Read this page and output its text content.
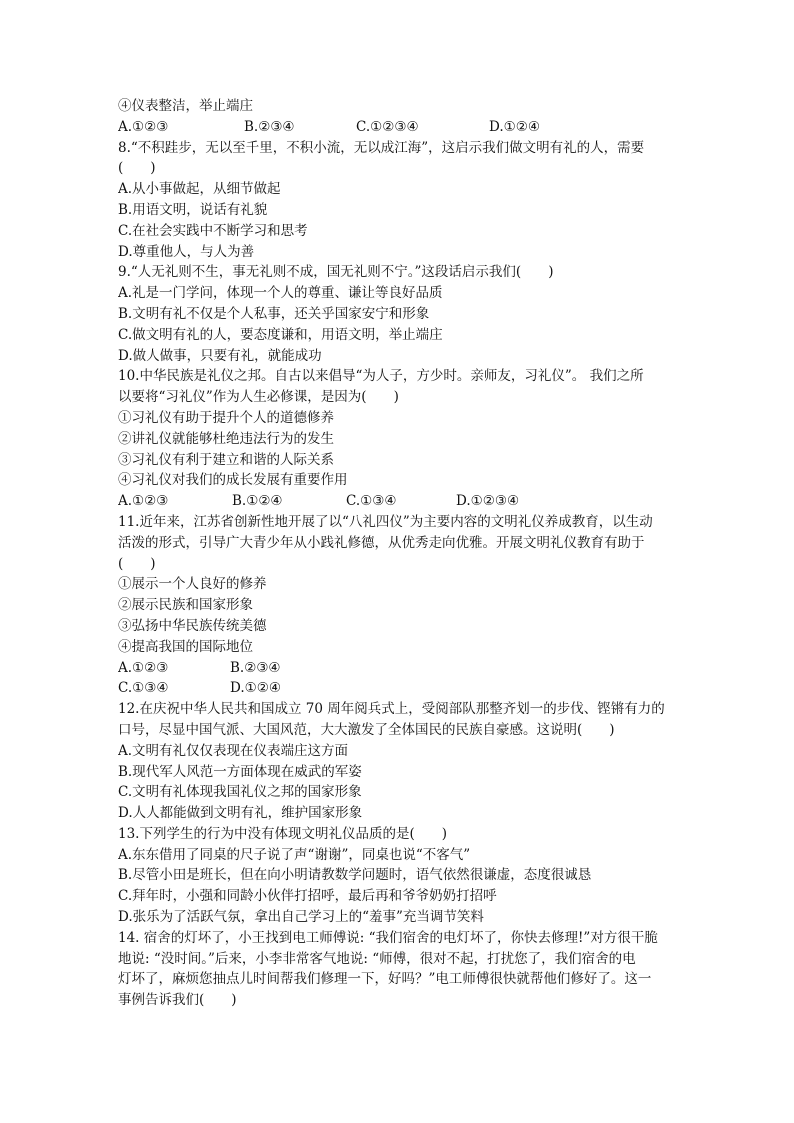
④仪表整洁，举止端庄
A.①②③	B.②③④	C.①②③④	D.①②④
8.“不积跬步，无以至千里，不积小流，无以成江海”，这启示我们做文明有礼的人，需要
(　　)
A.从小事做起，从细节做起
B.用语文明，说话有礼貌
C.在社会实践中不断学习和思考
D.尊重他人，与人为善
9.“人无礼则不生，事无礼则不成，国无礼则不宁。”这段话启示我们(　　)
A.礼是一门学问，体现一个人的尊重、谦让等良好品质
B.文明有礼不仅是个人私事，还关乎国家安宁和形象
C.做文明有礼的人，要态度谦和，用语文明，举止端庄
D.做人做事，只要有礼，就能成功
10.中华民族是礼仪之邦。自古以来倡导“为人子，方少时。亲师友，习礼仪”。 我们之所
以要将“习礼仪”作为人生必修课，是因为(　　)
①习礼仪有助于提升个人的道德修养
②讲礼仪就能够杜绝违法行为的发生
③习礼仪有利于建立和谐的人际关系
④习礼仪对我们的成长发展有重要作用
A.①②③	B.①②④	C.①③④	D.①②③④
11.近年来，江苏省创新性地开展了以“八礼四仪”为主要内容的文明礼仪养成教育，以生动
活泼的形式，引导广大青少年从小践礼修德，从优秀走向优雅。开展文明礼仪教育有助于
(　　)
①展示一个人良好的修养
②展示民族和国家形象
③弘扬中华民族传统美德
④提高我国的国际地位
A.①②③	B.②③④
C.①③④	D.①②④
12.在庆祝中华人民共和国成立 70 周年阅兵式上，受阅部队那整齐划一的步伐、铿锵有力的
口号，尽显中国气派、大国风范，大大激发了全体国民的民族自豪感。这说明(　　)
A.文明有礼仅仅表现在仪表端庄这方面
B.现代军人风范一方面体现在威武的军姿
C.文明有礼体现我国礼仪之邦的国家形象
D.人人都能做到文明有礼，维护国家形象
13.下列学生的行为中没有体现文明礼仪品质的是(　　)
A.东东借用了同桌的尺子说了声“谢谢”，同桌也说“不客气”
B.尽管小田是班长，但在向小明请教数学问题时，语气依然很谦虚，态度很诚恳
C.拜年时，小强和同龄小伙伴打招呼，最后再和爷爷奶奶打招呼
D.张乐为了活跃气氛，拿出自己学习上的“羞事”充当调节笑料
14. 宿舍的灯坏了，小王找到电工师傅说: “我们宿舍的电灯坏了，你快去修理!”对方很干脆
地说: “没时间。”后来，小李非常客气地说: “师傅，很对不起，打扰您了，我们宿舍的电
灯坏了，麻烦您抽点儿时间帮我们修理一下，好吗？”电工师傅很快就帮他们修好了。这一
事例告诉我们(　　)
